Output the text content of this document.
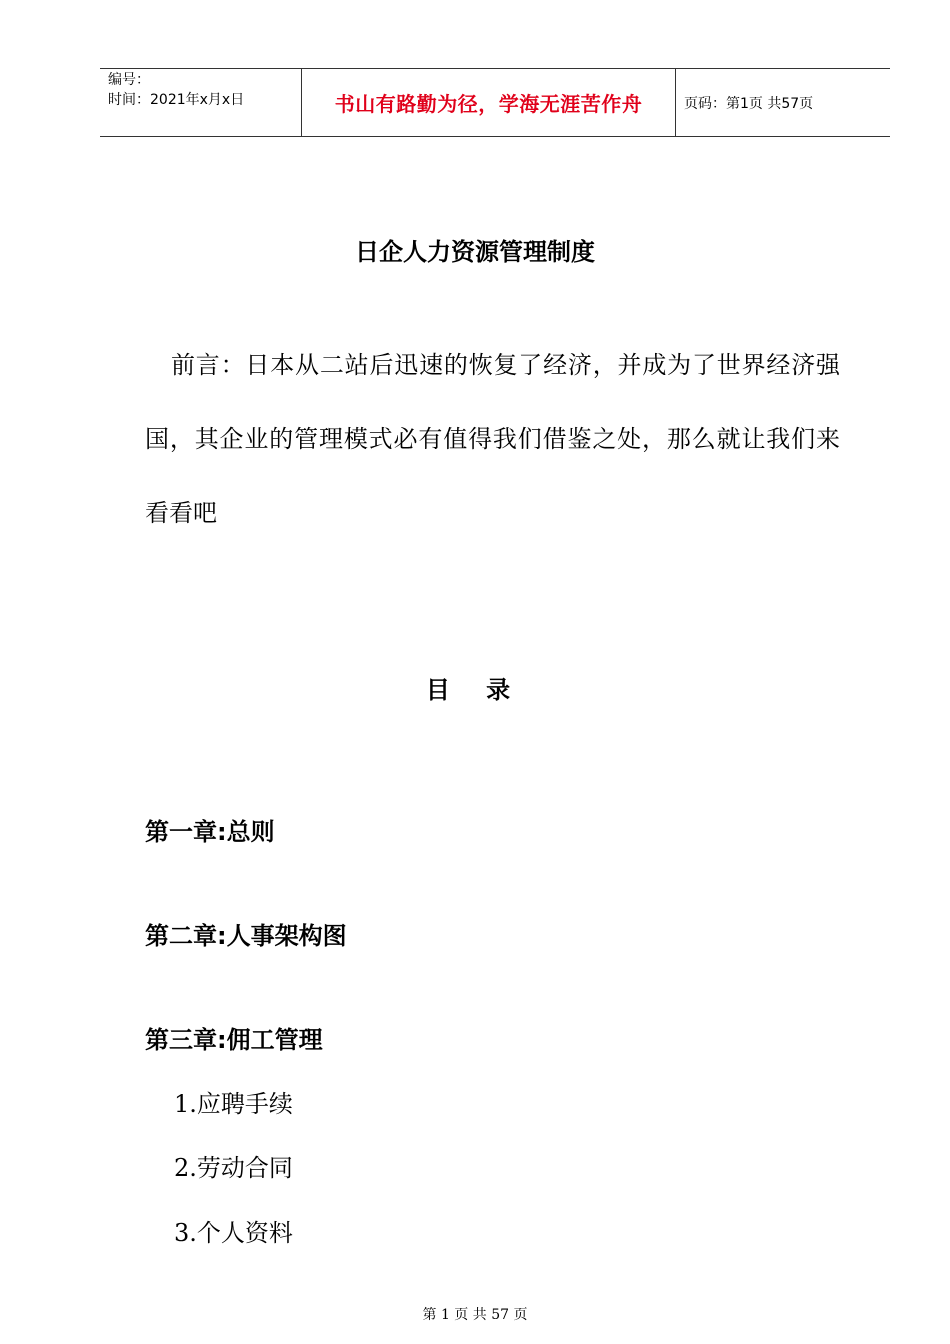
编号：
时间：2021年x月x日	书山有路勤为径，学海无涯苦作舟	页码：第1页 共57页
日企人力资源管理制度
前言：日本从二站后迅速的恢复了经济，并成为了世界经济强国，其企业的管理模式必有值得我们借鉴之处，那么就让我们来看看吧
目 录
第一章:总则
第二章:人事架构图
第三章:佣工管理
1.应聘手续
2.劳动合同
3.个人资料
第 1 页 共 57 页
